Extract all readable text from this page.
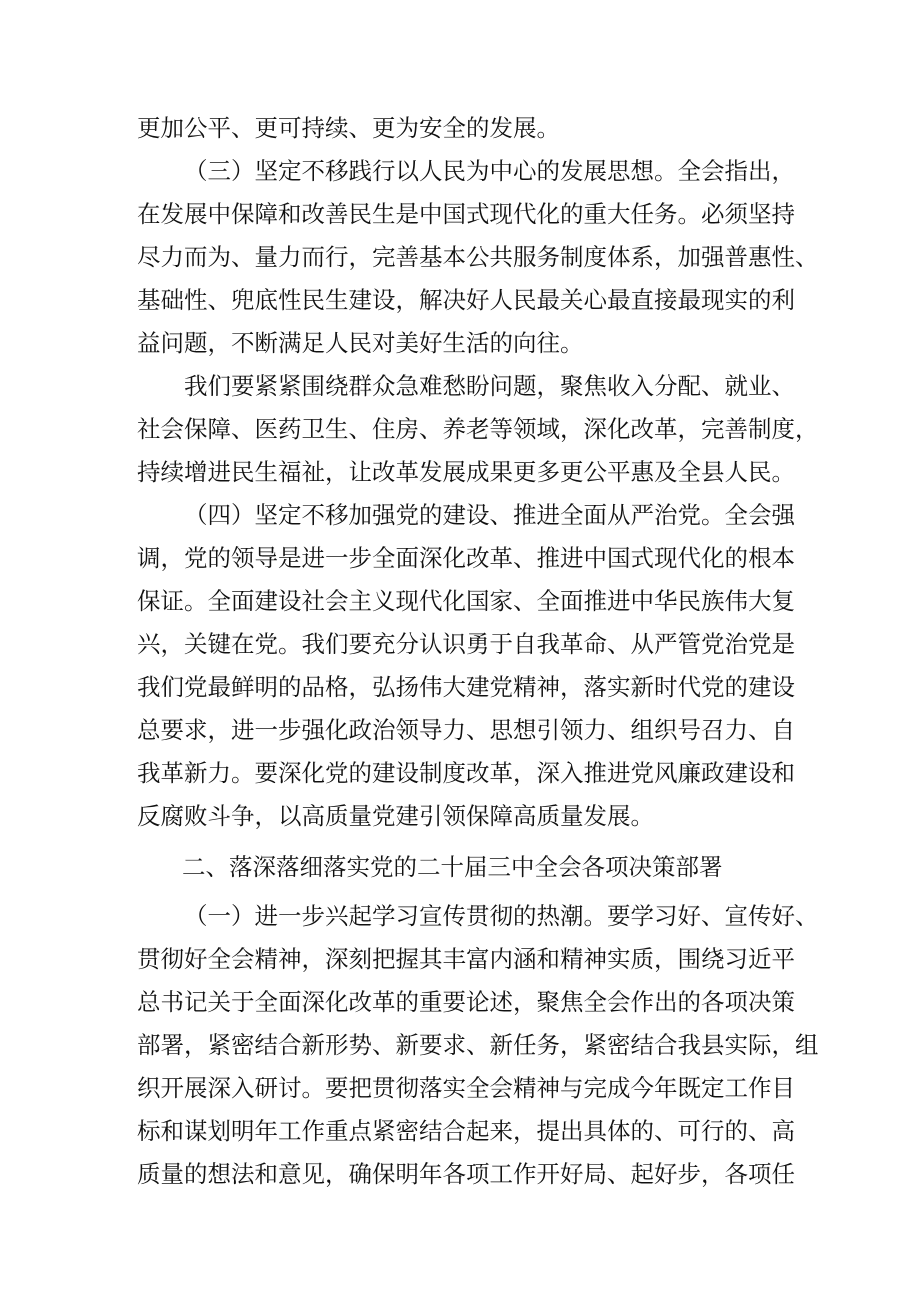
更加公平、更可持续、更为安全的发展。
（三）坚定不移践行以人民为中心的发展思想。全会指出，
在发展中保障和改善民生是中国式现代化的重大任务。必须坚持
尽力而为、量力而行，完善基本公共服务制度体系，加强普惠性、
基础性、兜底性民生建设，解决好人民最关心最直接最现实的利
益问题，不断满足人民对美好生活的向往。
我们要紧紧围绕群众急难愁盼问题，聚焦收入分配、就业、
社会保障、医药卫生、住房、养老等领域，深化改革，完善制度，
持续增进民生福祉，让改革发展成果更多更公平惠及全县人民。
（四）坚定不移加强党的建设、推进全面从严治党。全会强
调，党的领导是进一步全面深化改革、推进中国式现代化的根本
保证。全面建设社会主义现代化国家、全面推进中华民族伟大复
兴，关键在党。我们要充分认识勇于自我革命、从严管党治党是
我们党最鲜明的品格，弘扬伟大建党精神，落实新时代党的建设
总要求，进一步强化政治领导力、思想引领力、组织号召力、自
我革新力。要深化党的建设制度改革，深入推进党风廉政建设和
反腐败斗争，以高质量党建引领保障高质量发展。
二、落深落细落实党的二十届三中全会各项决策部署
（一）进一步兴起学习宣传贯彻的热潮。要学习好、宣传好、
贯彻好全会精神，深刻把握其丰富内涵和精神实质，围绕习近平
总书记关于全面深化改革的重要论述，聚焦全会作出的各项决策
部署，紧密结合新形势、新要求、新任务，紧密结合我县实际，组
织开展深入研讨。要把贯彻落实全会精神与完成今年既定工作目
标和谋划明年工作重点紧密结合起来，提出具体的、可行的、高
质量的想法和意见，确保明年各项工作开好局、起好步，各项任
